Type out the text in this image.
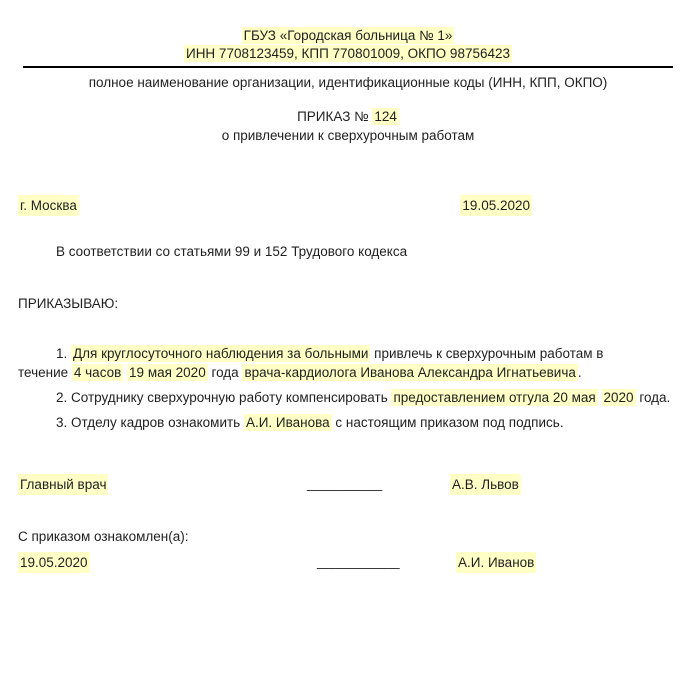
ГБУЗ «Городская больница № 1»
ИНН 7708123459, КПП 770801009, ОКПО 98756423
полное наименование организации, идентификационные коды (ИНН, КПП, ОКПО)
ПРИКАЗ № 124
о привлечении к сверхурочным работам
г. Москва	19.05.2020
В соответствии со статьями 99 и 152 Трудового кодекса
ПРИКАЗЫВАЮ:
1. Для круглосуточного наблюдения за больными привлечь к сверхурочным работам в
течение 4 часов 19 мая 2020 года врача-кардиолога Иванова Александра Игнатьевича .
2. Сотруднику сверхурочную работу компенсировать предоставлением отгула 20 мая 2020 года.
3. Отделу кадров ознакомить А.И. Иванова с настоящим приказом под подпись.
Главный врач	__________	А.В. Львов
С приказом ознакомлен(а):
19.05.2020	___________	А.И. Иванов
